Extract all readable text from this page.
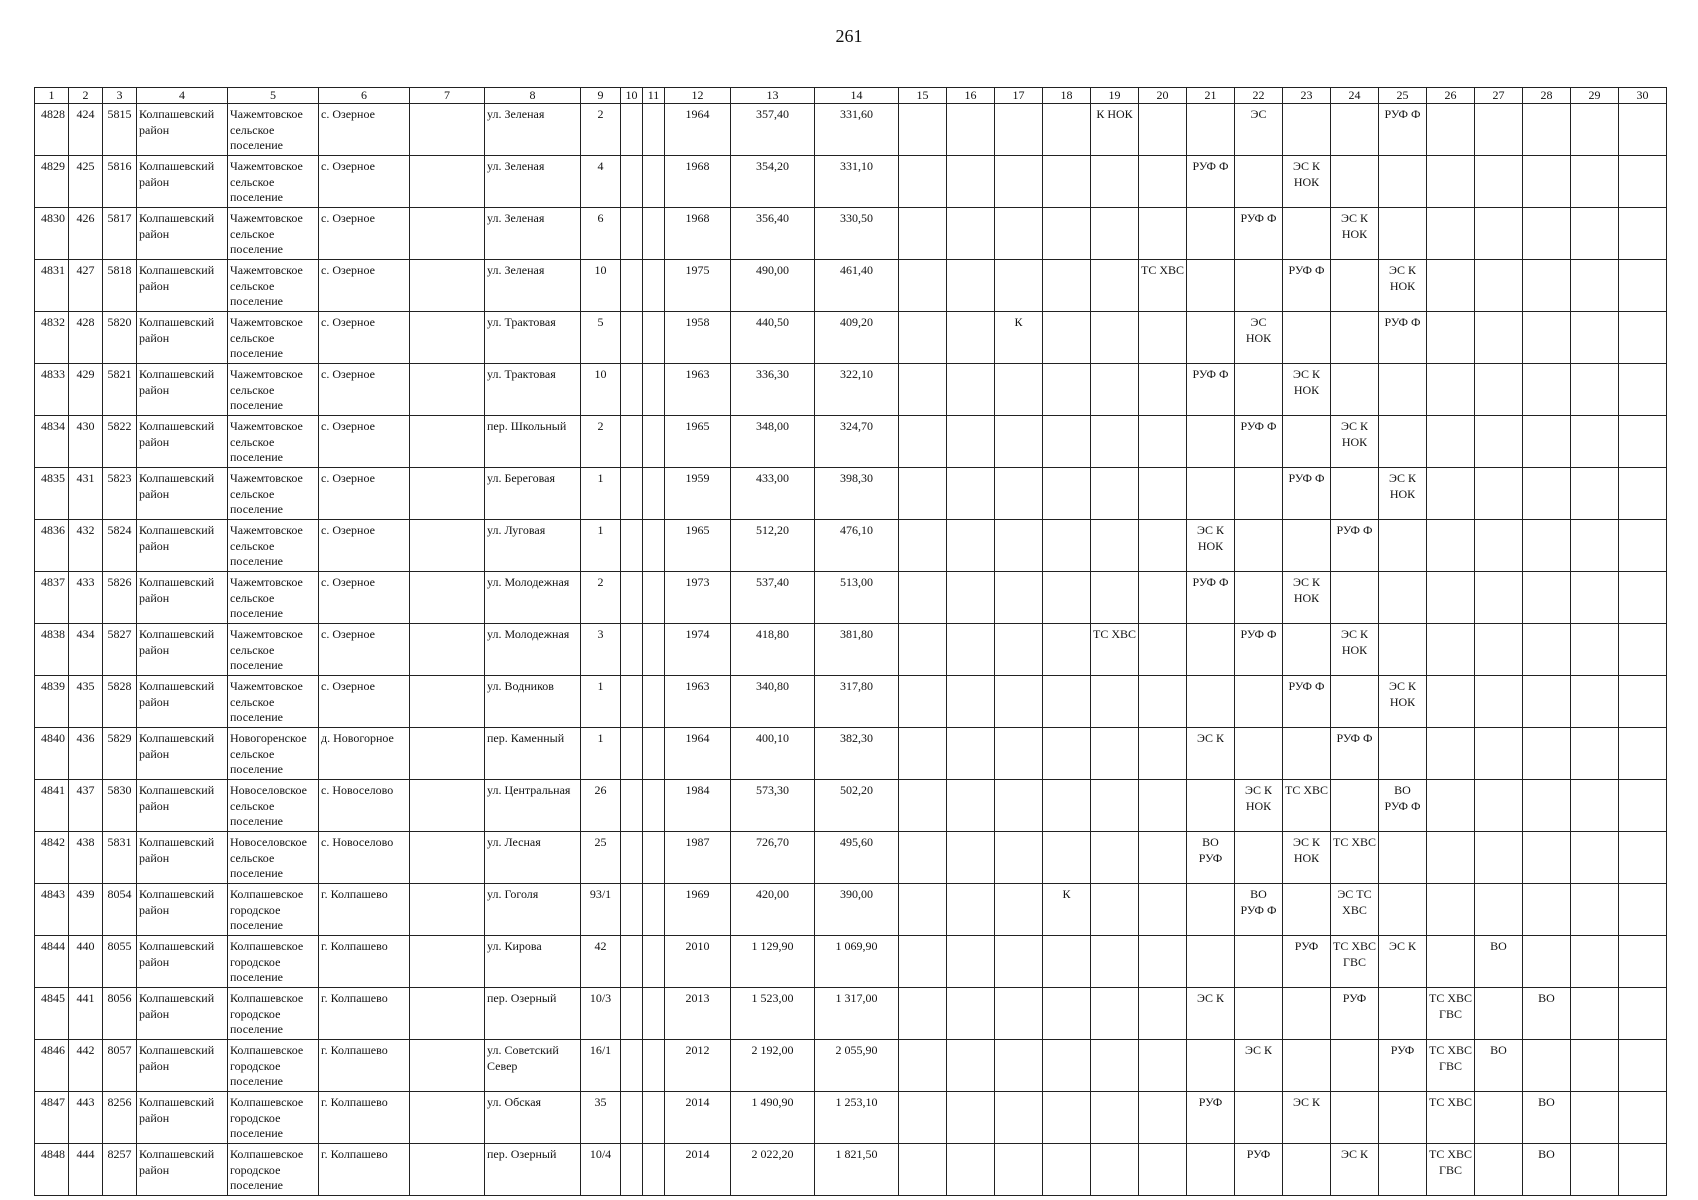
261
1	2	3	4	5	6	7	8	9	10	11	12	13	14	15	16	17	18	19	20	21	22	23	24	25	26	27	28	29	30
4828	424	5815	Колпашевский район	Чажемтовское сельское поселение	с. Озерное		ул. Зеленая	2			1964	357,40	331,60					К НОК			ЭС			РУФ Ф					
4829	425	5816	Колпашевский район	Чажемтовское сельское поселение	с. Озерное		ул. Зеленая	4			1968	354,20	331,10							РУФ Ф		ЭС К НОК							
4830	426	5817	Колпашевский район	Чажемтовское сельское поселение	с. Озерное		ул. Зеленая	6			1968	356,40	330,50								РУФ Ф		ЭС К НОК						
4831	427	5818	Колпашевский район	Чажемтовское сельское поселение	с. Озерное		ул. Зеленая	10			1975	490,00	461,40						ТС ХВС			РУФ Ф		ЭС К НОК					
4832	428	5820	Колпашевский район	Чажемтовское сельское поселение	с. Озерное		ул. Трактовая	5			1958	440,50	409,20			К					ЭС НОК			РУФ Ф					
4833	429	5821	Колпашевский район	Чажемтовское сельское поселение	с. Озерное		ул. Трактовая	10			1963	336,30	322,10							РУФ Ф		ЭС К НОК							
4834	430	5822	Колпашевский район	Чажемтовское сельское поселение	с. Озерное		пер. Школьный	2			1965	348,00	324,70								РУФ Ф		ЭС К НОК						
4835	431	5823	Колпашевский район	Чажемтовское сельское поселение	с. Озерное		ул. Береговая	1			1959	433,00	398,30									РУФ Ф		ЭС К НОК					
4836	432	5824	Колпашевский район	Чажемтовское сельское поселение	с. Озерное		ул. Луговая	1			1965	512,20	476,10							ЭС К НОК			РУФ Ф						
4837	433	5826	Колпашевский район	Чажемтовское сельское поселение	с. Озерное		ул. Молодежная	2			1973	537,40	513,00							РУФ Ф		ЭС К НОК							
4838	434	5827	Колпашевский район	Чажемтовское сельское поселение	с. Озерное		ул. Молодежная	3			1974	418,80	381,80					ТС ХВС			РУФ Ф		ЭС К НОК						
4839	435	5828	Колпашевский район	Чажемтовское сельское поселение	с. Озерное		ул. Водников	1			1963	340,80	317,80									РУФ Ф		ЭС К НОК					
4840	436	5829	Колпашевский район	Новогоренское сельское поселение	д. Новогорное		пер. Каменный	1			1964	400,10	382,30							ЭС К			РУФ Ф						
4841	437	5830	Колпашевский район	Новоселовское сельское поселение	с. Новоселово		ул. Центральная	26			1984	573,30	502,20								ЭС К НОК	ТС ХВС		ВО РУФ Ф					
4842	438	5831	Колпашевский район	Новоселовское сельское поселение	с. Новоселово		ул. Лесная	25			1987	726,70	495,60							ВО РУФ		ЭС К НОК	ТС ХВС						
4843	439	8054	Колпашевский район	Колпашевское городское поселение	г. Колпашево		ул. Гоголя	93/1			1969	420,00	390,00				К				ВО РУФ Ф		ЭС ТС ХВС						
4844	440	8055	Колпашевский район	Колпашевское городское поселение	г. Колпашево		ул. Кирова	42			2010	1 129,90	1 069,90									РУФ	ТС ХВС ГВС	ЭС К		ВО			
4845	441	8056	Колпашевский район	Колпашевское городское поселение	г. Колпашево		пер. Озерный	10/3			2013	1 523,00	1 317,00							ЭС К			РУФ		ТС ХВС ГВС		ВО		
4846	442	8057	Колпашевский район	Колпашевское городское поселение	г. Колпашево		ул. Советский Север	16/1			2012	2 192,00	2 055,90								ЭС К			РУФ	ТС ХВС ГВС	ВО			
4847	443	8256	Колпашевский район	Колпашевское городское поселение	г. Колпашево		ул. Обская	35			2014	1 490,90	1 253,10							РУФ		ЭС К			ТС ХВС		ВО		
4848	444	8257	Колпашевский район	Колпашевское городское поселение	г. Колпашево		пер. Озерный	10/4			2014	2 022,20	1 821,50								РУФ		ЭС К		ТС ХВС ГВС		ВО		
